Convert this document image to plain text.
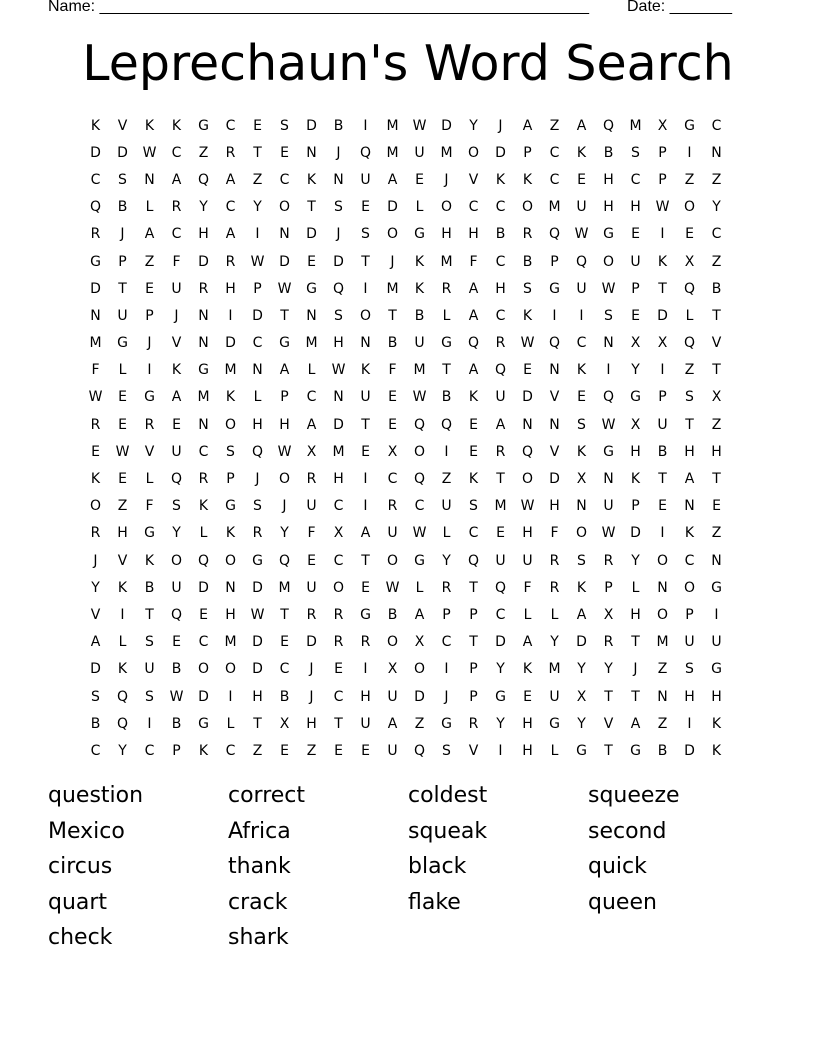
Name: _______________________________________________________ Date: _______
Leprechaun's Word Search
K	V	K	K	G	C	E	S	D	B	I	M	W	D	Y	J	A	Z	A	Q	M	X	G	C
D	D	W	C	Z	R	T	E	N	J	Q	M	U	M	O	D	P	C	K	B	S	P	I	N
C	S	N	A	Q	A	Z	C	K	N	U	A	E	J	V	K	K	C	E	H	C	P	Z	Z
Q	B	L	R	Y	C	Y	O	T	S	E	D	L	O	C	C	O	M	U	H	H	W	O	Y
R	J	A	C	H	A	I	N	D	J	S	O	G	H	H	B	R	Q	W	G	E	I	E	C
G	P	Z	F	D	R	W	D	E	D	T	J	K	M	F	C	B	P	Q	O	U	K	X	Z
D	T	E	U	R	H	P	W	G	Q	I	M	K	R	A	H	S	G	U	W	P	T	Q	B
N	U	P	J	N	I	D	T	N	S	O	T	B	L	A	C	K	I	I	S	E	D	L	T
M	G	J	V	N	D	C	G	M	H	N	B	U	G	Q	R	W	Q	C	N	X	X	Q	V
F	L	I	K	G	M	N	A	L	W	K	F	M	T	A	Q	E	N	K	I	Y	I	Z	T
W	E	G	A	M	K	L	P	C	N	U	E	W	B	K	U	D	V	E	Q	G	P	S	X
R	E	R	E	N	O	H	H	A	D	T	E	Q	Q	E	A	N	N	S	W	X	U	T	Z
E	W	V	U	C	S	Q	W	X	M	E	X	O	I	E	R	Q	V	K	G	H	B	H	H
K	E	L	Q	R	P	J	O	R	H	I	C	Q	Z	K	T	O	D	X	N	K	T	A	T
O	Z	F	S	K	G	S	J	U	C	I	R	C	U	S	M	W	H	N	U	P	E	N	E
R	H	G	Y	L	K	R	Y	F	X	A	U	W	L	C	E	H	F	O	W	D	I	K	Z
J	V	K	O	Q	O	G	Q	E	C	T	O	G	Y	Q	U	U	R	S	R	Y	O	C	N
Y	K	B	U	D	N	D	M	U	O	E	W	L	R	T	Q	F	R	K	P	L	N	O	G
V	I	T	Q	E	H	W	T	R	R	G	B	A	P	P	C	L	L	A	X	H	O	P	I
A	L	S	E	C	M	D	E	D	R	R	O	X	C	T	D	A	Y	D	R	T	M	U	U
D	K	U	B	O	O	D	C	J	E	I	X	O	I	P	Y	K	M	Y	Y	J	Z	S	G
S	Q	S	W	D	I	H	B	J	C	H	U	D	J	P	G	E	U	X	T	T	N	H	H
B	Q	I	B	G	L	T	X	H	T	U	A	Z	G	R	Y	H	G	Y	V	A	Z	I	K
C	Y	C	P	K	C	Z	E	Z	E	E	U	Q	S	V	I	H	L	G	T	G	B	D	K
question	correct	coldest	squeeze
Mexico	Africa	squeak	second
circus	thank	black	quick
quart	crack	flake	queen
check	shark
